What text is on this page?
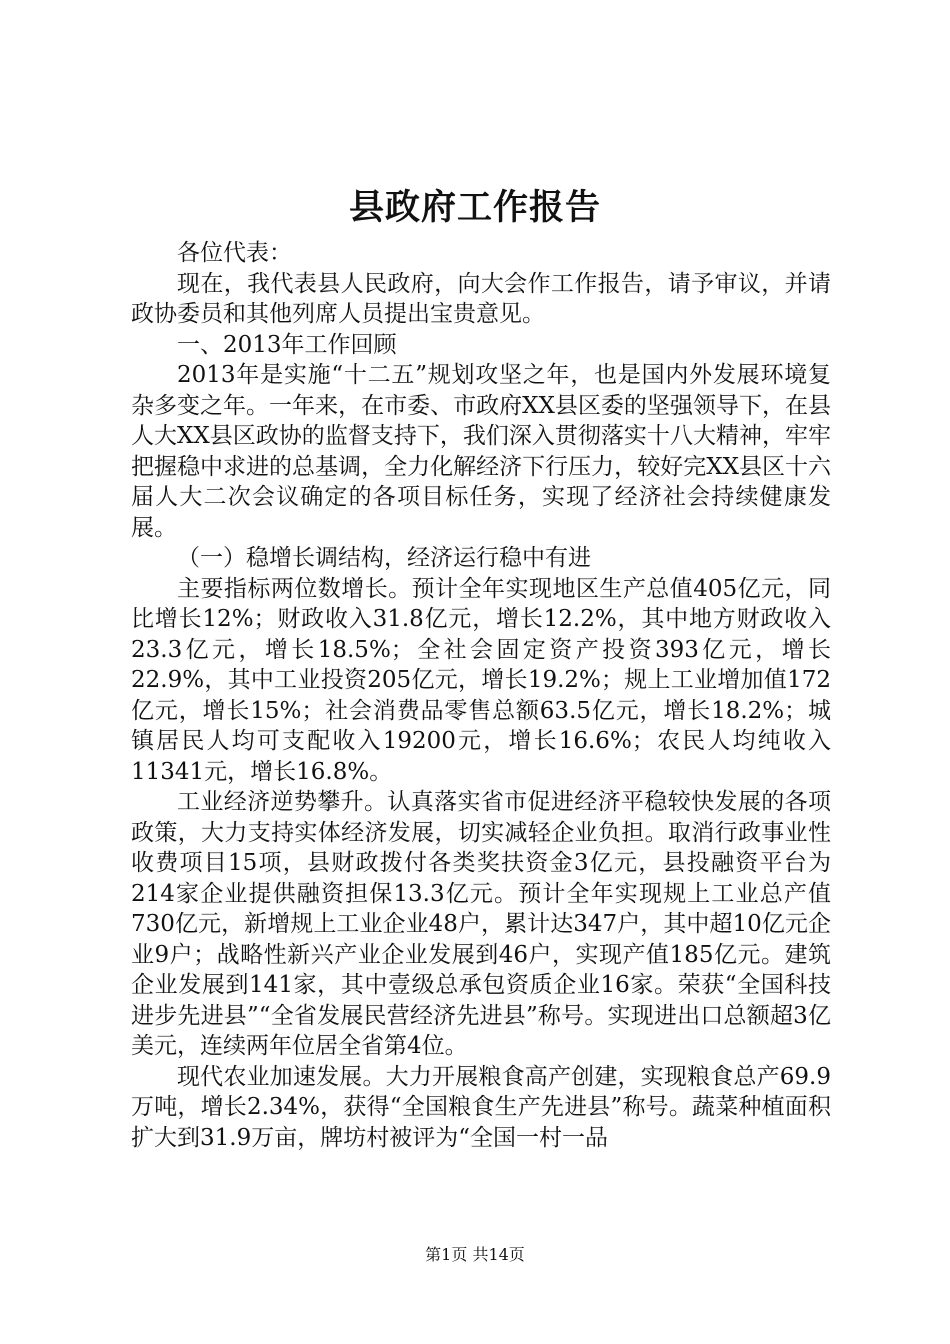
县政府工作报告

各位代表：

现在，我代表县人民政府，向大会作工作报告，请予审议，并请政协委员和其他列席人员提出宝贵意见。

一、2013年工作回顾

2013年是实施“十二五”规划攻坚之年，也是国内外发展环境复杂多变之年。一年来，在市委、市政府XX县区委的坚强领导下，在县人大XX县区政协的监督支持下，我们深入贯彻落实十八大精神，牢牢把握稳中求进的总基调，全力化解经济下行压力，较好完XX县区十六届人大二次会议确定的各项目标任务，实现了经济社会持续健康发展。

（一）稳增长调结构，经济运行稳中有进

主要指标两位数增长。预计全年实现地区生产总值405亿元，同比增长12%；财政收入31.8亿元，增长12.2%，其中地方财政收入23.3亿元，增长18.5%；全社会固定资产投资393亿元，增长22.9%，其中工业投资205亿元，增长19.2%；规上工业增加值172亿元，增长15%；社会消费品零售总额63.5亿元，增长18.2%；城镇居民人均可支配收入19200元，增长16.6%；农民人均纯收入11341元，增长16.8%。

工业经济逆势攀升。认真落实省市促进经济平稳较快发展的各项政策，大力支持实体经济发展，切实减轻企业负担。取消行政事业性收费项目15项，县财政拨付各类奖扶资金3亿元，县投融资平台为214家企业提供融资担保13.3亿元。预计全年实现规上工业总产值730亿元，新增规上工业企业48户，累计达347户，其中超10亿元企业9户；战略性新兴产业企业发展到46户，实现产值185亿元。建筑企业发展到141家，其中壹级总承包资质企业16家。荣获“全国科技进步先进县”“全省发展民营经济先进县”称号。实现进出口总额超3亿美元，连续两年位居全省第4位。

现代农业加速发展。大力开展粮食高产创建，实现粮食总产69.9万吨，增长2.34%，获得“全国粮食生产先进县”称号。蔬菜种植面积扩大到31.9万亩，牌坊村被评为“全国一村一品

第1页 共14页
